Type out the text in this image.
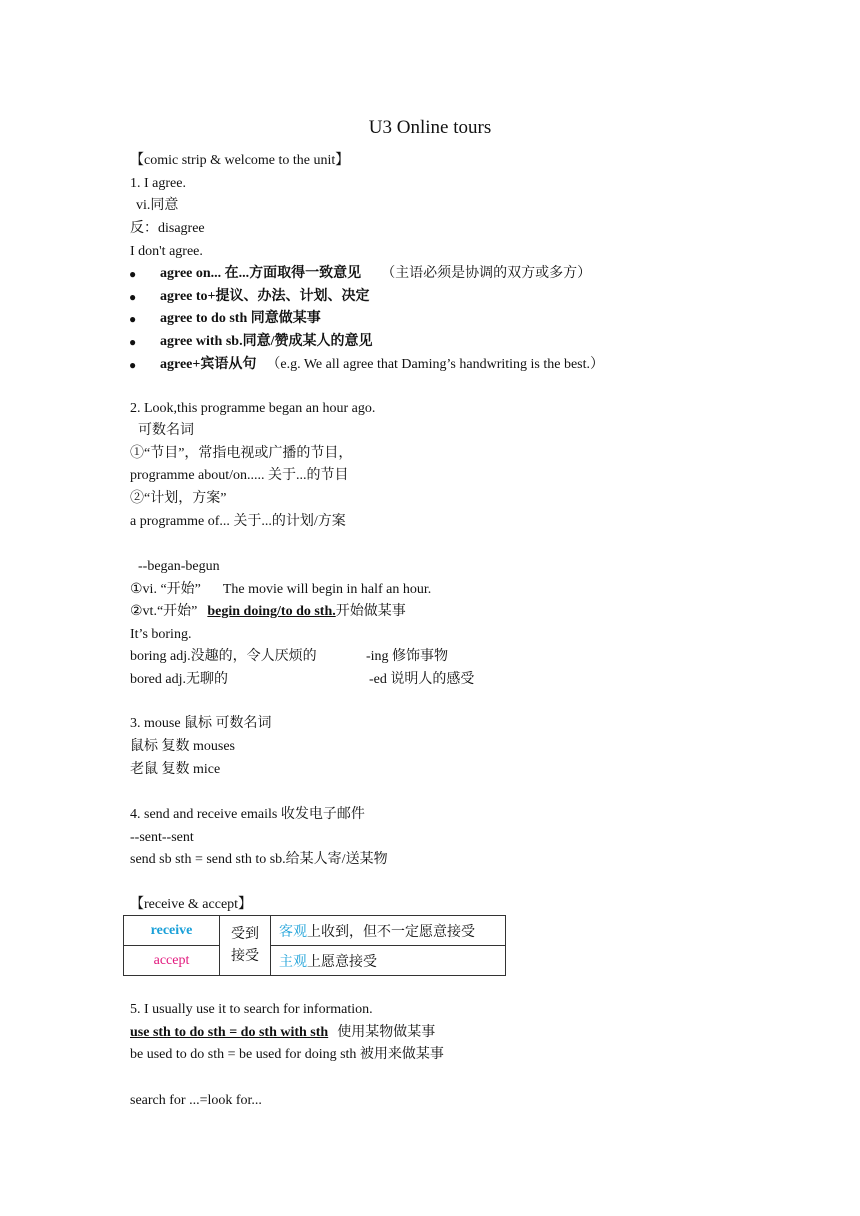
U3 Online tours
【comic strip & welcome to the unit】
1. I agree.
vi.同意
反：disagree
I don't agree.
● agree on... 在...方面取得一致意见 （主语必须是协调的双方或多方）
● agree to+提议、办法、计划、决定
● agree to do sth 同意做某事
● agree with sb.同意/赞成某人的意见
● agree+宾语从句 （e.g. We all agree that Daming’s handwriting is the best.）
2. Look,this programme began an hour ago.
可数名词
①“节目”，常指电视或广播的节目，
programme about/on..... 关于...的节目
②“计划，方案”
a programme of... 关于...的计划/方案
--began-begun
①vi. “开始” The movie will begin in half an hour.
②vt.“开始” begin doing/to do sth.开始做某事
It’s boring.
boring adj.没趣的，令人厌烦的	-ing 修饰事物
bored adj.无聊的	-ed 说明人的感受
3. mouse 鼠标 可数名词
鼠标 复数 mouses
老鼠 复数 mice
4. send and receive emails 收发电子邮件
--sent--sent
send sb sth = send sth to sb.给某人寄/送某物
【receive & accept】
receive	受到接受	客观上收到，但不一定愿意接受
accept		主观上愿意接受
5. I usually use it to search for information.
use sth to do sth = do sth with sth 使用某物做某事
be used to do sth = be used for doing sth 被用来做某事
search for ...=look for...
